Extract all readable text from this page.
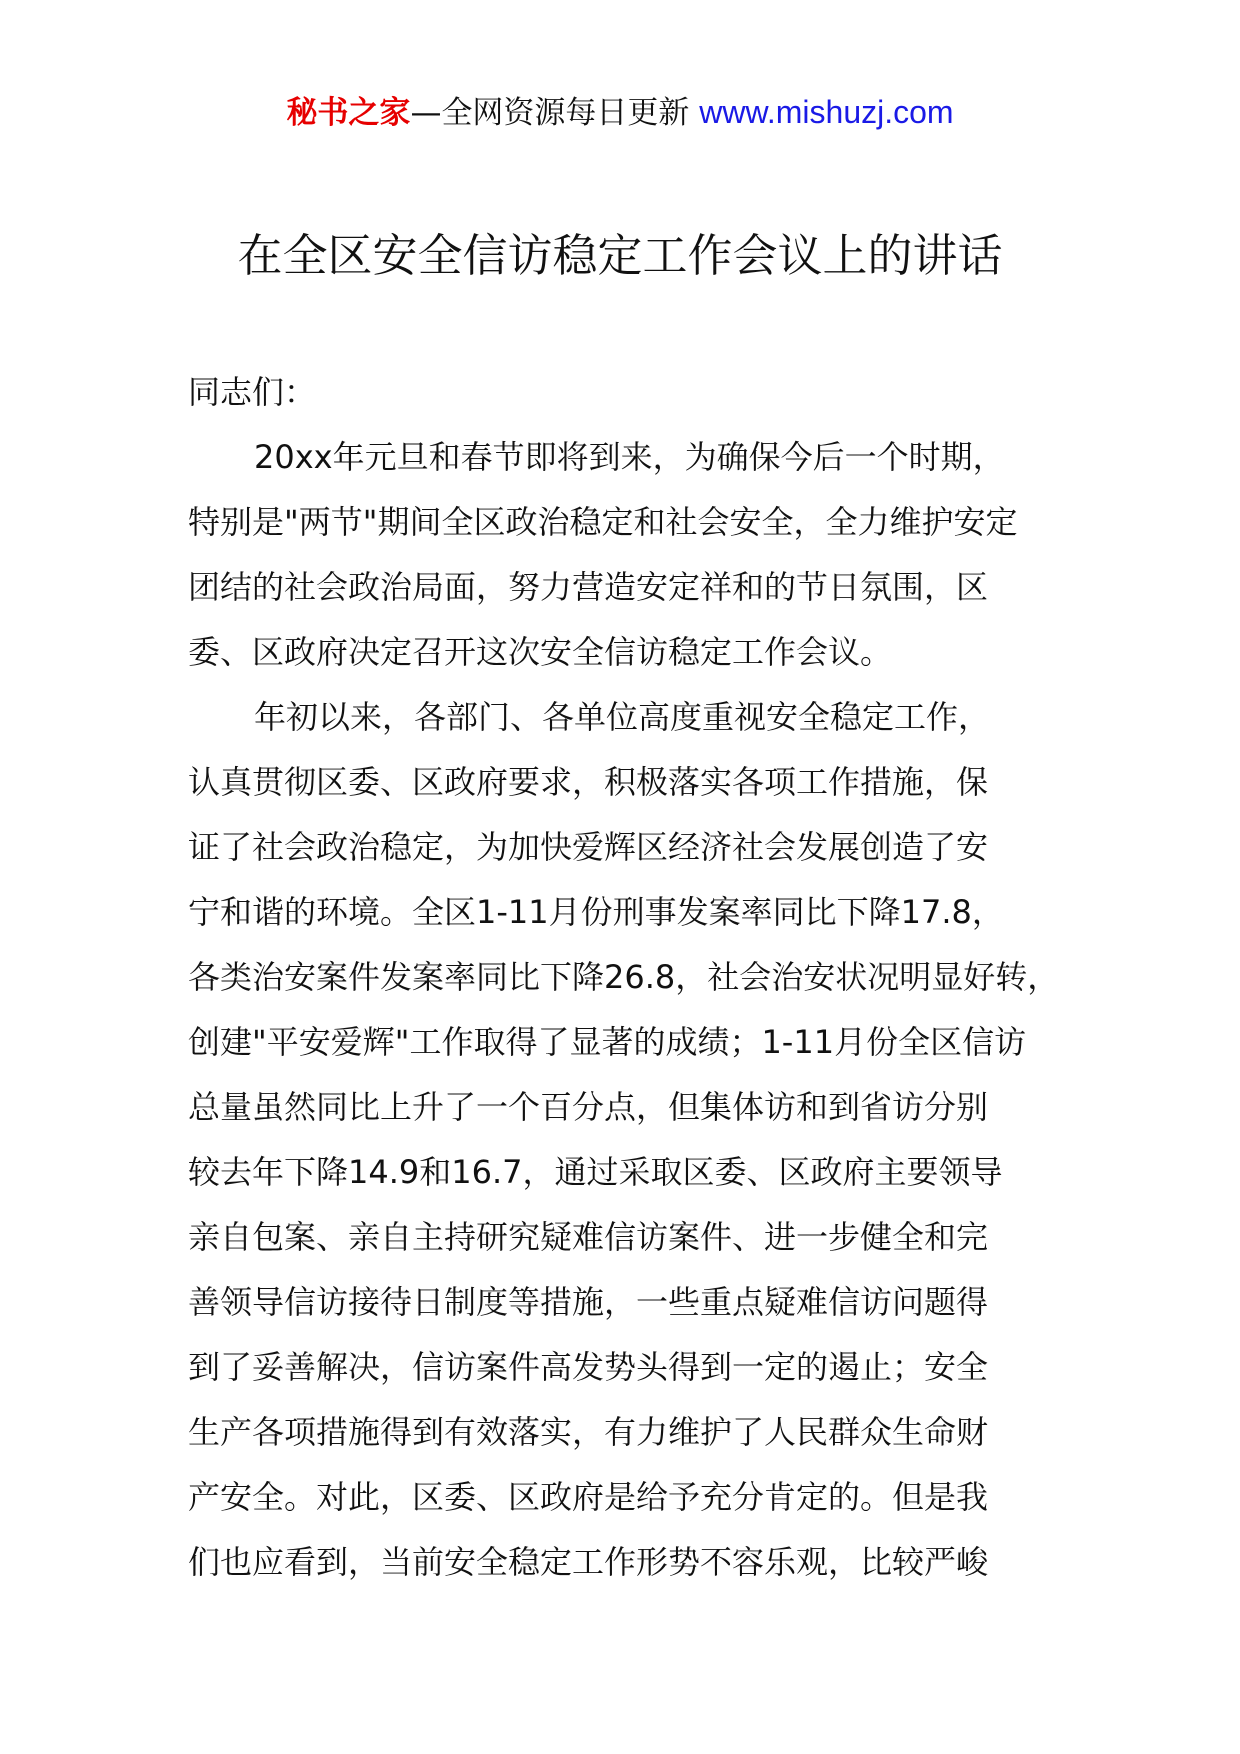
秘书之家—全网资源每日更新 www.mishuzj.com
在全区安全信访稳定工作会议上的讲话
同志们：
20xx年元旦和春节即将到来，为确保今后一个时期，
特别是"两节"期间全区政治稳定和社会安全，全力维护安定
团结的社会政治局面，努力营造安定祥和的节日氛围，区
委、区政府决定召开这次安全信访稳定工作会议。
年初以来，各部门、各单位高度重视安全稳定工作，
认真贯彻区委、区政府要求，积极落实各项工作措施，保
证了社会政治稳定，为加快爱辉区经济社会发展创造了安
宁和谐的环境。全区1-11月份刑事发案率同比下降17.8，
各类治安案件发案率同比下降26.8，社会治安状况明显好转，
创建"平安爱辉"工作取得了显著的成绩；1-11月份全区信访
总量虽然同比上升了一个百分点，但集体访和到省访分别
较去年下降14.9和16.7，通过采取区委、区政府主要领导
亲自包案、亲自主持研究疑难信访案件、进一步健全和完
善领导信访接待日制度等措施，一些重点疑难信访问题得
到了妥善解决，信访案件高发势头得到一定的遏止；安全
生产各项措施得到有效落实，有力维护了人民群众生命财
产安全。对此，区委、区政府是给予充分肯定的。但是我
们也应看到，当前安全稳定工作形势不容乐观，比较严峻
